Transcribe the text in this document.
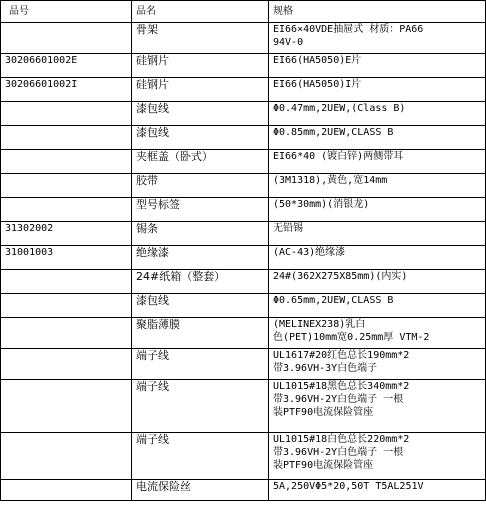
品号	品名	规格
	骨架	EI66×40VDE抽屉式 材质：PA66
94V-0
30206601002E	硅钢片	EI66(HA5050)E片
30206601002I	硅钢片	EI66(HA5050)I片
	漆包线	Φ0.47mm,2UEW,(Class B)
	漆包线	Φ0.85mm,2UEW,CLASS B
	夹框盖（卧式）	EI66*40 (镀白锌)两侧带耳
	胶带	(3M1318),黄色,宽14mm
	型号标签	(50*30mm)(消银龙)
31302002	锡条	无铅锡
31001003	绝缘漆	(AC-43)绝缘漆
	24#纸箱（整套）	24#(362X275X85mm)(内实)
	漆包线	Φ0.65mm,2UEW,CLASS B
	聚脂薄膜	(MELINEX238)乳白
色(PET)10mm宽0.25mm厚 VTM-2
	端子线	UL1617#20红色总长190mm*2
带3.96VH-3Y白色端子
	端子线	UL1015#18黑色总长340mm*2
带3.96VH-2Y白色端子 一根
装PTF90电流保险管座
	端子线	UL1015#18白色总长220mm*2
带3.96VH-2Y白色端子 一根
装PTF90电流保险管座
	电流保险丝	5A,250VΦ5*20,50T T5AL251V
